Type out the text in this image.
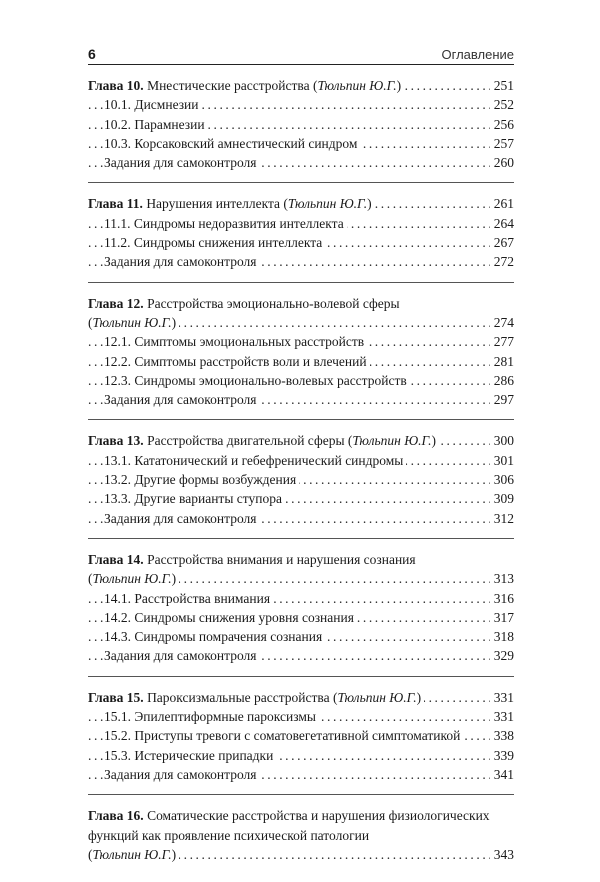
6	Оглавление
.....
Глава 10. Мнестические расстройства (Тюльпин Ю.Г.)	251
.....
10.1. Дисмнезии	252
.....
10.2. Парамнезии	256
.....
10.3. Корсаковский амнестический синдром	257
.....
Задания для самоконтроля	260
.....
Глава 11. Нарушения интеллекта (Тюльпин Ю.Г.)	261
.....
11.1. Синдромы недоразвития интеллекта	264
.....
11.2. Синдромы снижения интеллекта	267
.....
Задания для самоконтроля	272
Глава 12. Расстройства эмоционально-волевой сферы
.....
(Тюльпин Ю.Г.)	274
.....
12.1. Симптомы эмоциональных расстройств	277
.....
12.2. Симптомы расстройств воли и влечений	281
.....
12.3. Синдромы эмоционально-волевых расстройств	286
.....
Задания для самоконтроля	297
.....
Глава 13. Расстройства двигательной сферы (Тюльпин Ю.Г.)	300
.....
13.1. Кататонический и гебефренический синдромы	301
.....
13.2. Другие формы возбуждения	306
.....
13.3. Другие варианты ступора	309
.....
Задания для самоконтроля	312
Глава 14. Расстройства внимания и нарушения сознания
.....
(Тюльпин Ю.Г.)	313
.....
14.1. Расстройства внимания	316
.....
14.2. Синдромы снижения уровня сознания	317
.....
14.3. Синдромы помрачения сознания	318
.....
Задания для самоконтроля	329
.....
Глава 15. Пароксизмальные расстройства (Тюльпин Ю.Г.)	331
.....
15.1. Эпилептиформные пароксизмы	331
.....
15.2. Приступы тревоги с соматовегетативной симптоматикой 338
.....
15.3. Истерические припадки	339
.....
Задания для самоконтроля	341
Глава 16. Соматические расстройства и нарушения физиологических
функций как проявление психической патологии
.....
(Тюльпин Ю.Г.)	343
